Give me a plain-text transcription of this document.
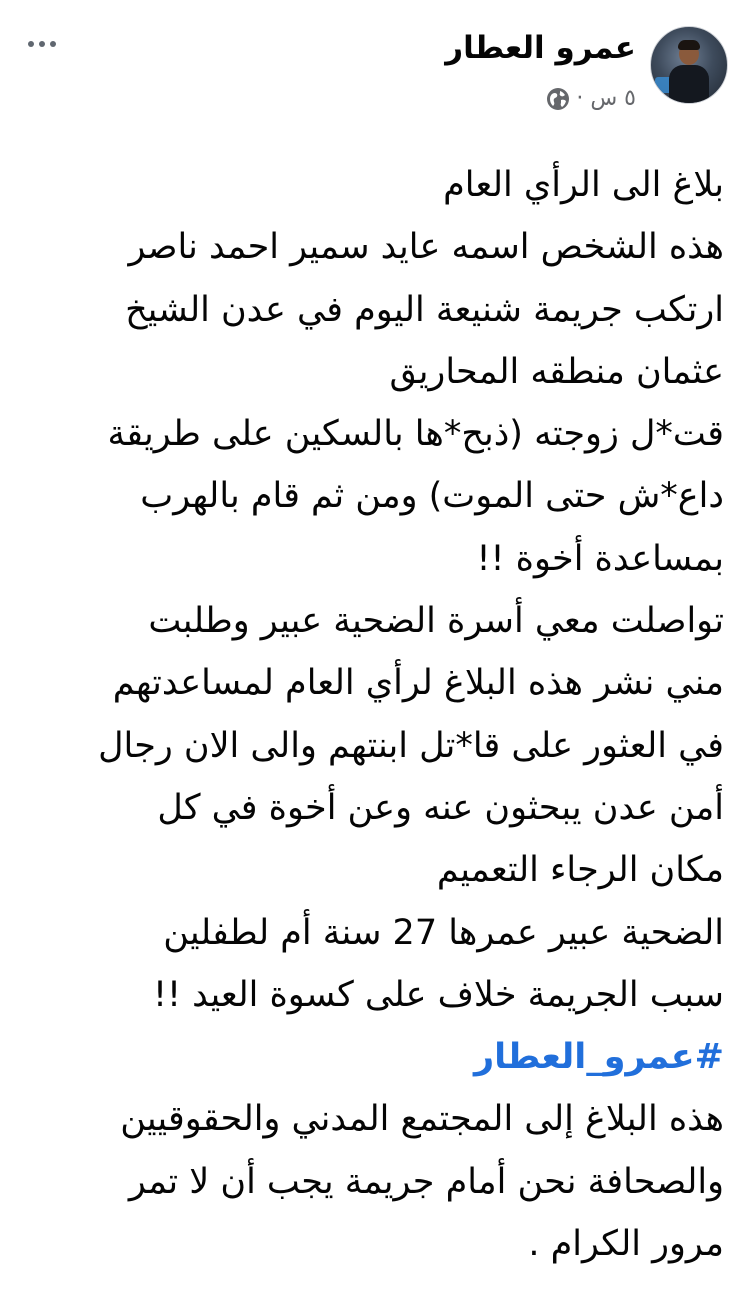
عمرو العطار
٥ س ·
بلاغ الى الرأي العام
هذه الشخص اسمه عايد سمير احمد ناصر
ارتكب جريمة شنيعة اليوم في عدن الشيخ
عثمان منطقه المحاريق
قت*ل زوجته (ذبح*ها بالسكين على طريقة
داع*ش حتى الموت) ومن ثم قام بالهرب
بمساعدة أخوة !!
تواصلت معي أسرة الضحية عبير وطلبت
مني نشر هذه البلاغ لرأي العام لمساعدتهم
في العثور على قا*تل ابنتهم والى الان رجال
أمن عدن يبحثون عنه وعن أخوة في كل
مكان الرجاء التعميم
الضحية عبير عمرها 27 سنة أم لطفلين
سبب الجريمة خلاف على كسوة العيد !!
#عمرو_العطار
هذه البلاغ إلى المجتمع المدني والحقوقيين
والصحافة نحن أمام جريمة يجب أن لا تمر
مرور الكرام .
